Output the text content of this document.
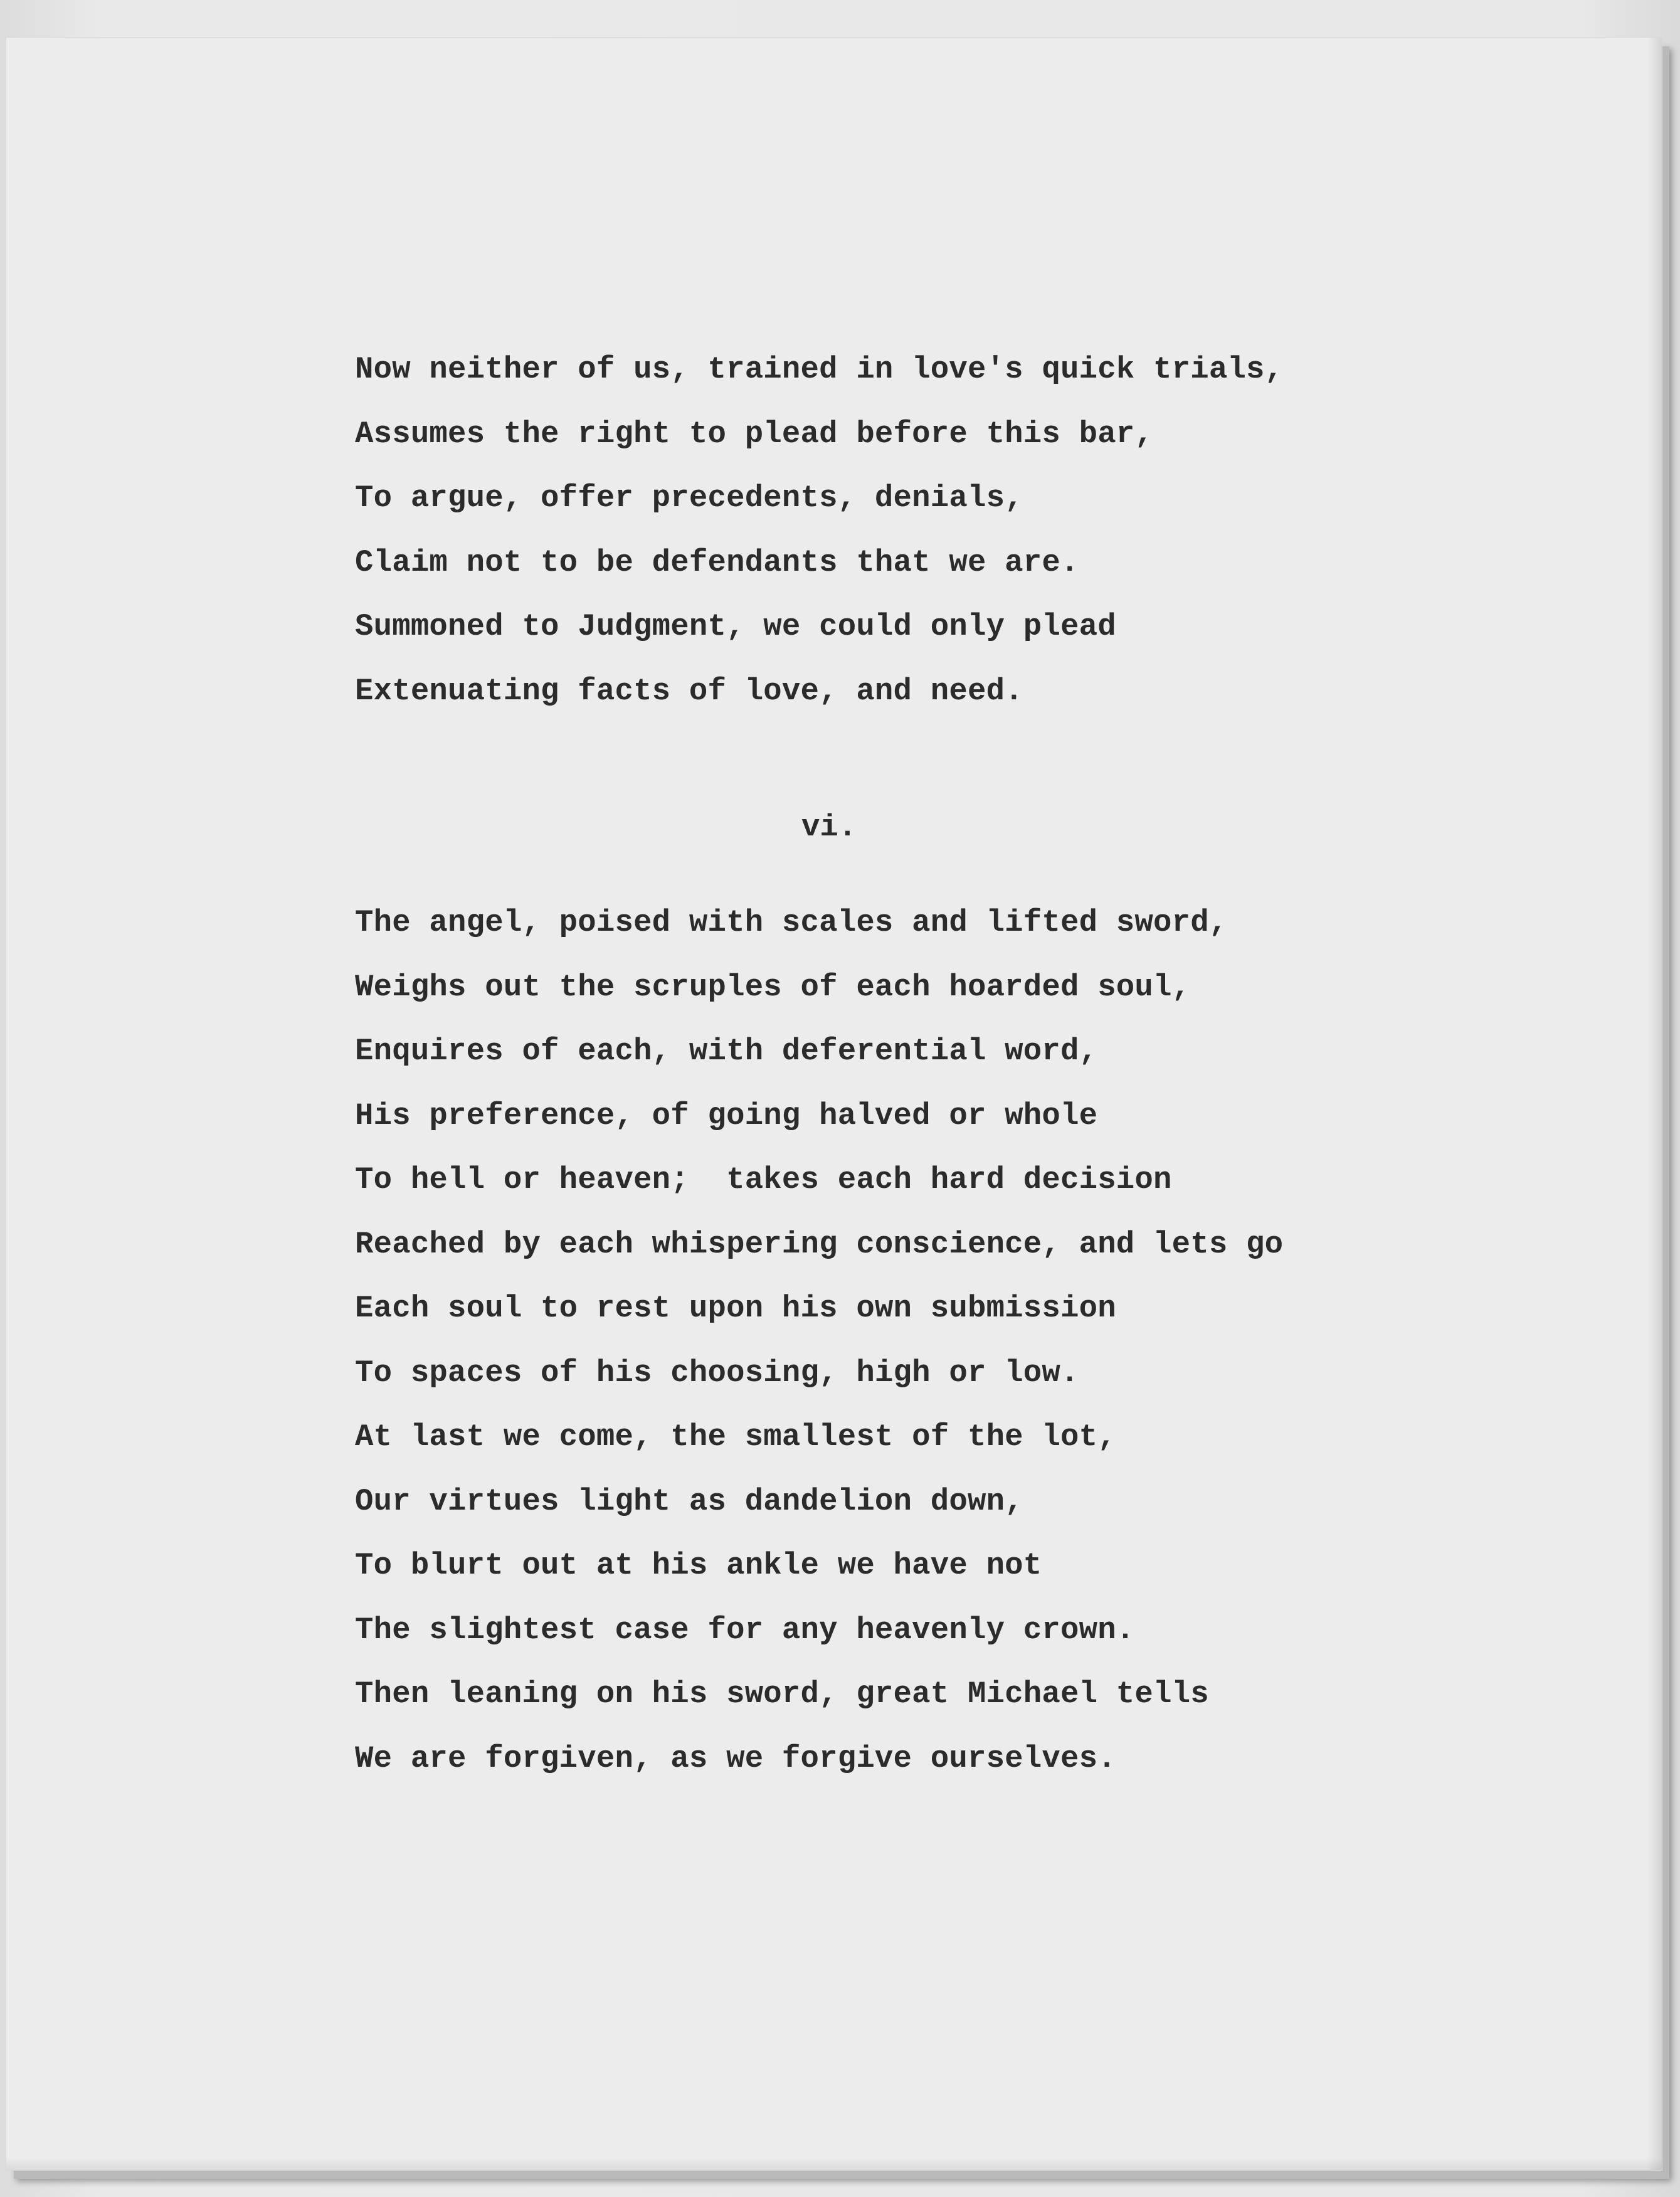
Now neither of us, trained in love's quick trials,
Assumes the right to plead before this bar,
To argue, offer precedents, denials,
Claim not to be defendants that we are.
Summoned to Judgment, we could only plead
Extenuating facts of love, and need.

vi.

The angel, poised with scales and lifted sword,
Weighs out the scruples of each hoarded soul,
Enquires of each, with deferential word,
His preference, of going halved or whole
To hell or heaven;  takes each hard decision
Reached by each whispering conscience, and lets go
Each soul to rest upon his own submission
To spaces of his choosing, high or low.
At last we come, the smallest of the lot,
Our virtues light as dandelion down,
To blurt out at his ankle we have not
The slightest case for any heavenly crown.
Then leaning on his sword, great Michael tells
We are forgiven, as we forgive ourselves.
